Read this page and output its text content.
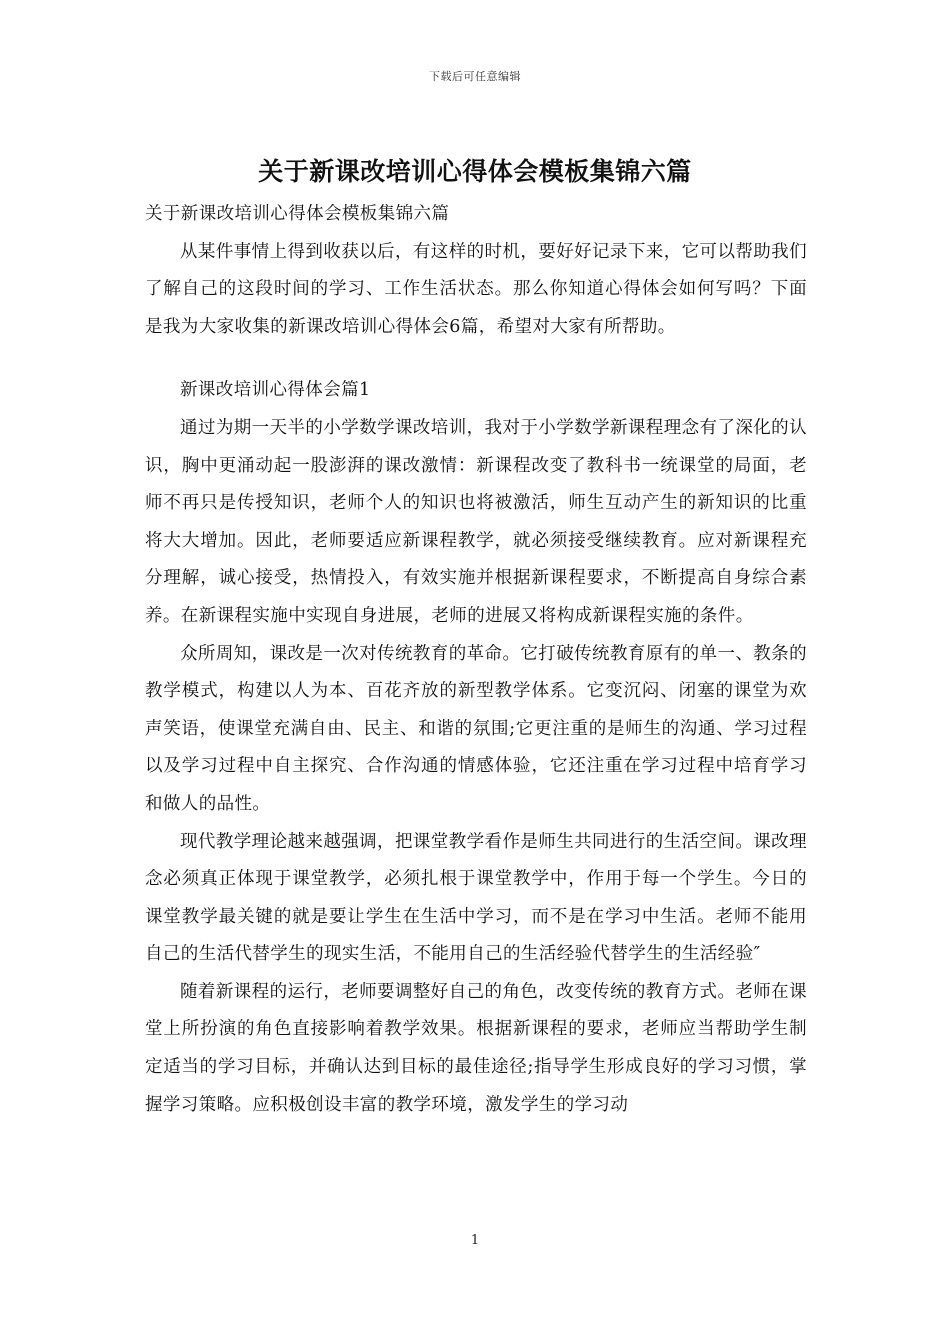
下载后可任意编辑
关于新课改培训心得体会模板集锦六篇

关于新课改培训心得体会模板集锦六篇

从某件事情上得到收获以后，有这样的时机，要好好记录下来，它可以帮助我们了解自己的这段时间的学习、工作生活状态。那么你知道心得体会如何写吗？下面是我为大家收集的新课改培训心得体会6篇，希望对大家有所帮助。

新课改培训心得体会篇1

通过为期一天半的小学数学课改培训，我对于小学数学新课程理念有了深化的认识，胸中更涌动起一股澎湃的课改激情：新课程改变了教科书一统课堂的局面，老师不再只是传授知识，老师个人的知识也将被激活，师生互动产生的新知识的比重将大大增加。因此，老师要适应新课程教学，就必须接受继续教育。应对新课程充分理解，诚心接受，热情投入，有效实施并根据新课程要求，不断提高自身综合素养。在新课程实施中实现自身进展，老师的进展又将构成新课程实施的条件。

众所周知，课改是一次对传统教育的革命。它打破传统教育原有的单一、教条的教学模式，构建以人为本、百花齐放的新型教学体系。它变沉闷、闭塞的课堂为欢声笑语，使课堂充满自由、民主、和谐的氛围;它更注重的是师生的沟通、学习过程以及学习过程中自主探究、合作沟通的情感体验，它还注重在学习过程中培育学习和做人的品性。

现代教学理论越来越强调，把课堂教学看作是师生共同进行的生活空间。课改理念必须真正体现于课堂教学，必须扎根于课堂教学中，作用于每一个学生。今日的课堂教学最关键的就是要让学生在生活中学习，而不是在学习中生活。老师不能用自己的生活代替学生的现实生活，不能用自己的生活经验代替学生的生活经验″

随着新课程的运行，老师要调整好自己的角色，改变传统的教育方式。老师在课堂上所扮演的角色直接影响着教学效果。根据新课程的要求，老师应当帮助学生制定适当的学习目标，并确认达到目标的最佳途径;指导学生形成良好的学习习惯，掌握学习策略。应积极创设丰富的教学环境，激发学生的学习动

1
